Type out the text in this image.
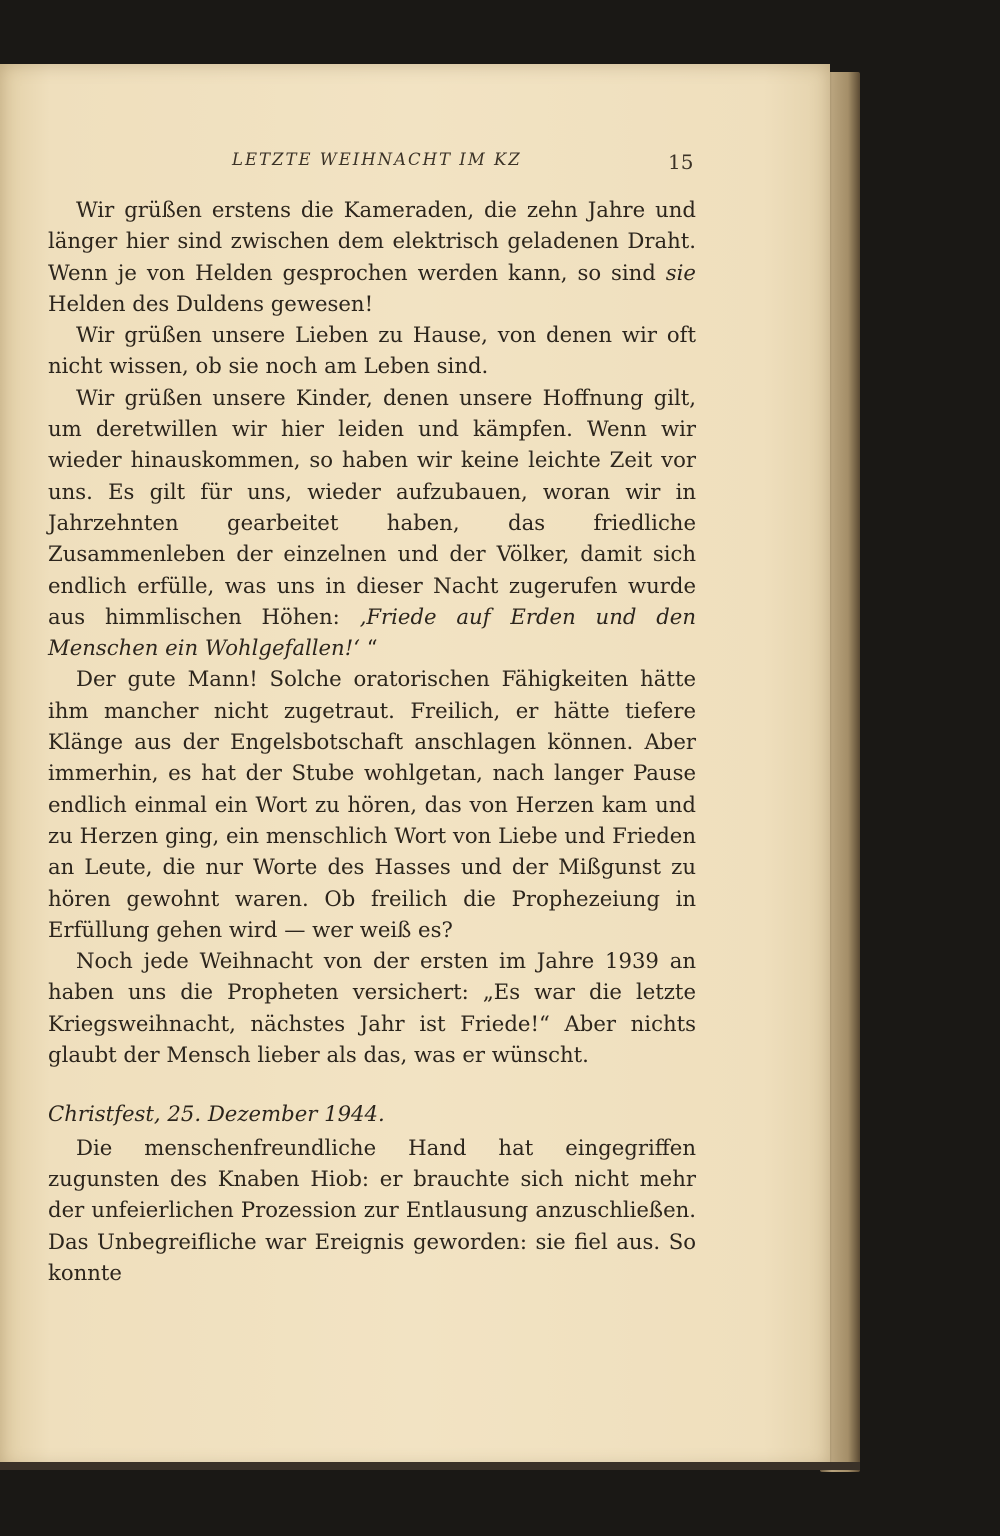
LETZTE WEIHNACHT IM KZ	15

Wir grüßen erstens die Kameraden, die zehn Jahre und länger hier sind zwischen dem elektrisch geladenen Draht. Wenn je von Helden gesprochen werden kann, so sind sie Helden des Duldens gewesen!

Wir grüßen unsere Lieben zu Hause, von denen wir oft nicht wissen, ob sie noch am Leben sind.

Wir grüßen unsere Kinder, denen unsere Hoffnung gilt, um deretwillen wir hier leiden und kämpfen. Wenn wir wieder hinauskommen, so haben wir keine leichte Zeit vor uns. Es gilt für uns, wieder aufzubauen, woran wir in Jahrzehnten gearbeitet haben, das friedliche Zusammenleben der einzelnen und der Völker, damit sich endlich erfülle, was uns in dieser Nacht zugerufen wurde aus himmlischen Höhen: ‚Friede auf Erden und den Menschen ein Wohlgefallen!‘ “

Der gute Mann! Solche oratorischen Fähigkeiten hätte ihm mancher nicht zugetraut. Freilich, er hätte tiefere Klänge aus der Engelsbotschaft anschlagen können. Aber immerhin, es hat der Stube wohlgetan, nach langer Pause endlich einmal ein Wort zu hören, das von Herzen kam und zu Herzen ging, ein menschlich Wort von Liebe und Frieden an Leute, die nur Worte des Hasses und der Mißgunst zu hören gewohnt waren. Ob freilich die Prophezeiung in Erfüllung gehen wird — wer weiß es?

Noch jede Weihnacht von der ersten im Jahre 1939 an haben uns die Propheten versichert: „Es war die letzte Kriegsweihnacht, nächstes Jahr ist Friede!“ Aber nichts glaubt der Mensch lieber als das, was er wünscht.

Christfest, 25. Dezember 1944.

Die menschenfreundliche Hand hat eingegriffen zugunsten des Knaben Hiob: er brauchte sich nicht mehr der unfeierlichen Prozession zur Entlausung anzuschließen. Das Unbegreifliche war Ereignis geworden: sie fiel aus. So konnte
